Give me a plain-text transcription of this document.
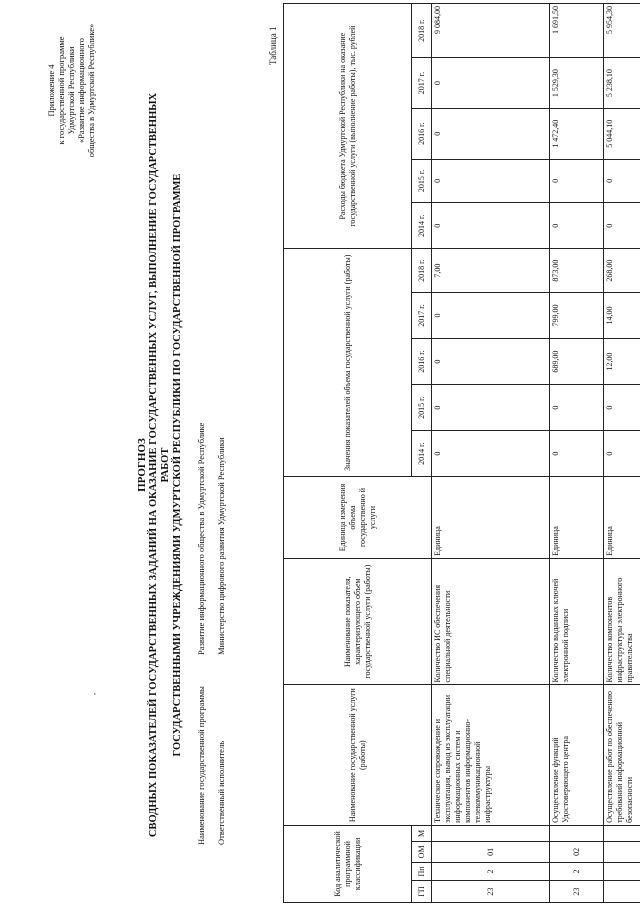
,
Приложение 4 к государственной программе Удмуртской Республики «Развитие информационного общества в Удмуртской Республике»
ПРОГНОЗ СВОДНЫХ ПОКАЗАТЕЛЕЙ ГОСУДАРСТВЕННЫХ ЗАДАНИЙ НА ОКАЗАНИЕ ГОСУДАРСТВЕННЫХ УСЛУГ, ВЫПОЛНЕНИЕ ГОСУДАРСТВЕННЫХ РАБОТ ГОСУДАРСТВЕННЫМИ УЧРЕЖДЕНИЯМИ УДМУРТСКОЙ РЕСПУБЛИКИ ПО ГОСУДАРСТВЕННОЙ ПРОГРАММЕ
Наименование государственной программы
Развитие информационного общества в Удмуртской Республике
Ответственный исполнитель
Министерство цифрового развития Удмуртской Республики
Таблица 1
Код аналитической программной классификации				Наименование государственной услуги (работы)	Наименование показателя, характеризующего объем государственной услуги (работы)	Единица измерения объема государственно й услуги	Значения показателей объема государственной услуги (работы)					Расходы бюджета Удмуртской Республики на оказание государственной услуги (выполнение работы), тыс. рублей				
ГП	Пп	ОМ	М				2014 г.	2015 г.	2016 г.	2017 г.	2018 г.	2014 г.	2015 г.	2016 г.	2017 г.	2018 г.
23	2	01		Техническое сопровождение и эксплуатация, вывод из эксплуатации информационных систем и компонентов информационно-телекоммуникационной инфраструктуры	Количество ИС обеспечения специальной деятельности	Единица	0	0	0	0	7,00	0	0	0	0	9 084,00
23	2	02		Осуществление функций Удостоверяющего центра	Количество выданных ключей электронной подписи	Единица	0	0	689,00	799,00	873,00	0	0	1 472,40	1 529,30	1 691,50
				Осуществление работ по обеспечению требований информационной безопасности	Количество компонентов инфраструктуры электронного правительства	Единица	0	0	12,00	14,00	268,00	0	0	5 044,10	5 238,10	5 954,30
